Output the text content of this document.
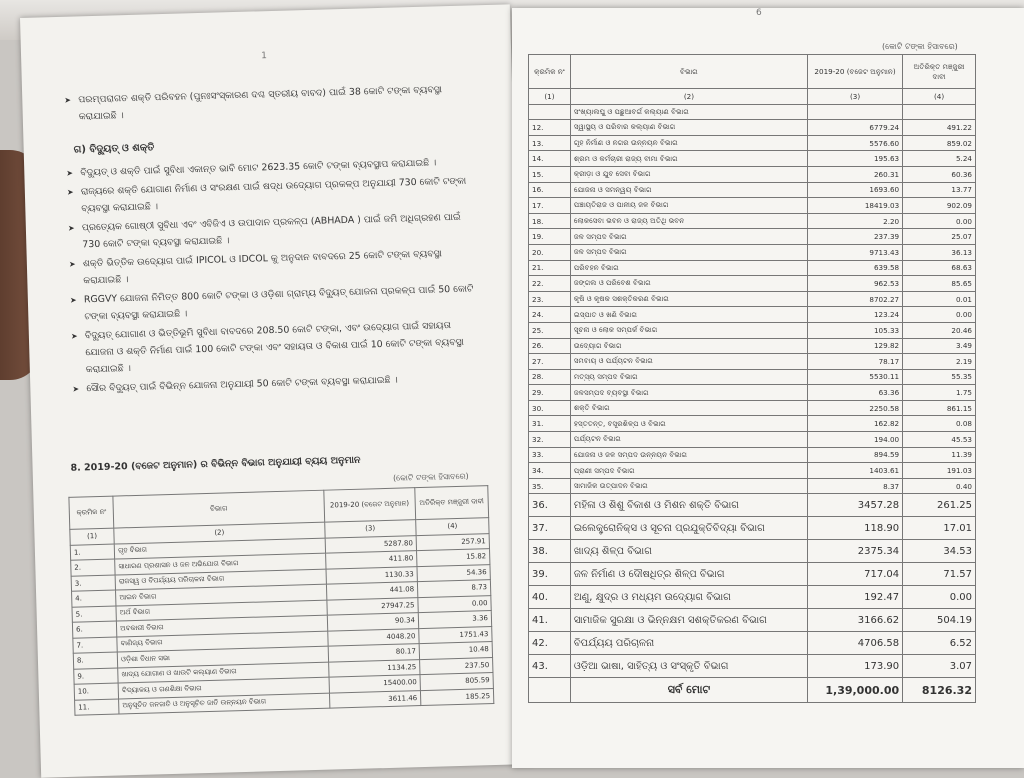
1

➤ ପରମ୍ପରାଗତ ଶକ୍ତି ପରିବହନ (ପୁନଃସଂସ୍କାରଣ ଦଶ୍ଚ ସ୍ତରୀୟ ବାବଦ) ପାଇଁ 38 କୋଟି ଟଙ୍କା ବ୍ୟବସ୍ଥା କରାଯାଇଛି ।

ଗ) ବିଦ୍ୟୁତ୍ ଓ ଶକ୍ତି

➤ ବିଦ୍ୟୁତ୍ ଓ ଶକ୍ତି ପାଇଁ ସୁବିଧା ଏକାନ୍ତ ଭାବି ମୋଟ 2623.35 କୋଟି ଟଙ୍କା ବ୍ୟବସ୍ଥାପ କରାଯାଇଛି ।

➤ ରାଜ୍ୟରେ ଶକ୍ତି ଯୋଗାଣ ନିର୍ମାଣ ଓ ସଂରକ୍ଷଣ ପାଇଁ ଷଦ୍ଧ ଉଦ୍ୟୋଗ ପ୍ରକଳ୍ପ ଅନୁଯାୟୀ 730 କୋଟି ଟଙ୍କା ବ୍ୟବସ୍ଥା କରାଯାଇଛି ।

➤ ପ୍ରତ୍ୟେକ ଗୋଷ୍ଠୀ ସୁବିଧା ଏବଂ ଏବିଜିଏ ଓ ଉପାଦାନ ପ୍ରକଳ୍ପ (ABHADA ) ପାଇଁ ଜମି ଅଧିଗ୍ରହଣ ପାଇଁ 730 କୋଟି ଟଙ୍କା ବ୍ୟବସ୍ଥା କରାଯାଇଛି ।

➤ ଶକ୍ତି ଭିତ୍ତିକ ଉଦ୍ୟୋଗ ପାଇଁ IPICOL ଓ IDCOL କୁ ଅନୁଦାନ ବାବଦରେ 25 କୋଟି ଟଙ୍କା ବ୍ୟବସ୍ଥା କରାଯାଇଛି ।

➤ RGGVY ଯୋଜନା ନିମିତ୍ତ 800 କୋଟି ଟଙ୍କା ଓ ଓଡ଼ିଶା ଗ୍ରାମ୍ୟ ବିଦ୍ୟୁତ୍ ଯୋଜନା ପ୍ରକଳ୍ପ ପାଇଁ 50 କୋଟି ଟଙ୍କା ବ୍ୟବସ୍ଥା କରାଯାଇଛି ।

➤ ବିଦ୍ୟୁତ୍ ଯୋଗାଣ ଓ ଭିତ୍ତିଭୂମି ସୁବିଧା ବାବଦରେ 208.50 କୋଟି ଟଙ୍କା, ଏବଂ ଉଦ୍ୟୋଗ ପାଇଁ ସହାୟତା ଯୋଜନା ଓ ଶକ୍ତି ନିର୍ମାଣ ପାଇଁ 100 କୋଟି ଟଙ୍କା ଏବଂ ସହାୟତା ଓ ବିକାଶ ପାଇଁ 10 କୋଟି ଟଙ୍କା ବ୍ୟବସ୍ଥା କରାଯାଇଛି ।

➤ ସୌର ବିଦ୍ୟୁତ୍ ପାଇଁ ବିଭିନ୍ନ ଯୋଜନା ଅନୁଯାୟୀ 50 କୋଟି ଟଙ୍କା ବ୍ୟବସ୍ଥା କରାଯାଇଛି ।

8. 2019-20 (ବଜେଟ ଅନୁମାନ) ର ବିଭିନ୍ନ ବିଭାଗ ଅନୁଯାୟୀ ବ୍ୟୟ ଅନୁମାନ
(କୋଟି ଟଙ୍କା ହିସାବରେ)
କ୍ରମିକ ନଂ	ବିଭାଗ	2019-20 (ବଜେଟ ଅନୁମାନ)	ଅତିରିକ୍ତ ମଞ୍ଜୁରୀ ଦାବୀ
(1)	(2)	(3)	(4)
1.	ଗୃହ ବିଭାଗ	5287.80	257.91
2.	ସାଧାରଣ ପ୍ରଶାସନ ଓ ଜନ ଅଭିଯୋଗ ବିଭାଗ	411.80	15.82
3.	ରାଜସ୍ୱ ଓ ବିପର୍ଯ୍ୟୟ ପରିଚାଳନା ବିଭାଗ	1130.33	54.36
4.	ଆଇନ ବିଭାଗ	441.08	8.73
5.	ଅର୍ଥ ବିଭାଗ	27947.25	0.00
6.	ଅବକାରୀ ବିଭାଗ	90.34	3.36
7.	ବାଣିଜ୍ୟ ବିଭାଗ	4048.20	1751.43
8.	ଓଡ଼ିଶା ବିଧାନ ସଭା	80.17	10.48
9.	ଖାଦ୍ୟ ଯୋଗାଣ ଓ ଖାଉଟି କଲ୍ୟାଣ ବିଭାଗ	1134.25	237.50
10.	ବିଦ୍ୟାଳୟ ଓ ଗଣଶିକ୍ଷା ବିଭାଗ	15400.00	805.59
11.	ଅନୁସୂଚିତ ଜନଜାତି ଓ ଅନୁସୂଚିତ ଜାତି ଉନ୍ନୟନ ବିଭାଗ	3611.46	185.25
6
(କୋଟି ଟଙ୍କା ହିସାବରେ)
କ୍ରମିକ ନଂ	ବିଭାଗ	2019-20 (ବଜେଟ ଅନୁମାନ)	ଅତିରିକ୍ତ ମଞ୍ଜୁରୀ ଦାବୀ
(1)	(2)	(3)	(4)
	ସଂଖ୍ୟାଲଘୁ ଓ ପଛୁଆବର୍ଗ କଲ୍ୟାଣ ବିଭାଗ		
12.	ସ୍ୱାସ୍ଥ୍ୟ ଓ ପରିବାର କଲ୍ୟାଣ ବିଭାଗ	6779.24	491.22
13.	ଗୃହ ନିର୍ମାଣ ଓ ନଗର ଉନ୍ନୟନ ବିଭାଗ	5576.60	859.02
14.	ଶ୍ରମ ଓ କର୍ମଚାରୀ ରାଜ୍ୟ ବୀମା ବିଭାଗ	195.63	5.24
15.	କ୍ରୀଡ଼ା ଓ ଯୁବ ସେବା ବିଭାଗ	260.31	60.36
16.	ଯୋଜନା ଓ ସମନ୍ୱୟ ବିଭାଗ	1693.60	13.77
17.	ପଞ୍ଚାୟତିରାଜ ଓ ପାନୀୟ ଜଳ ବିଭାଗ	18419.03	902.09
18.	ଲୋକସେବା ଭବନ ଓ ରାଜ୍ୟ ଅତିଥି ଭବନ	2.20	0.00
19.	ଜଳ ସମ୍ପଦ ବିଭାଗ	237.39	25.07
20.	ଜଳ ସମ୍ପଦ ବିଭାଗ	9713.43	36.13
21.	ପରିବହନ ବିଭାଗ	639.58	68.63
22.	ଜଙ୍ଗଲ ଓ ପରିବେଶ ବିଭାଗ	962.53	85.65
23.	କୃଷି ଓ କୃଷକ ସଶକ୍ତିକରଣ ବିଭାଗ	8702.27	0.01
24.	ଇସ୍ପାତ ଓ ଖଣି ବିଭାଗ	123.24	0.00
25.	ସୂଚନା ଓ ଲୋକ ସମ୍ପର୍କ ବିଭାଗ	105.33	20.46
26.	ଉଦ୍ୟୋଗ ବିଭାଗ	129.82	3.49
27.	ସମବାୟ ଓ ପର୍ଯ୍ୟଟନ ବିଭାଗ	78.17	2.19
28.	ମତ୍ସ୍ୟ ସମ୍ପଦ ବିଭାଗ	5530.11	55.35
29.	ଜଳସମ୍ପଦ ବ୍ୟବସ୍ଥା ବିଭାଗ	63.36	1.75
30.	ଶକ୍ତି ବିଭାଗ	2250.58	861.15
31.	ହସ୍ତତନ୍ତ, ବସ୍ତ୍ରଶିଳ୍ପ ଓ ବିଭାଗ	162.82	0.08
32.	ପର୍ଯ୍ୟଟନ ବିଭାଗ	194.00	45.53
33.	ଯୋଜନା ଓ ଜଳ ସମ୍ପଦ ଉନ୍ନୟନ ବିଭାଗ	894.59	11.39
34.	ପ୍ରାଣୀ ସମ୍ପଦ ବିଭାଗ	1403.61	191.03
35.	ସାମାଜିକ ଉତ୍ପାଦନ ବିଭାଗ	8.37	0.40
36.	ମହିଳା ଓ ଶିଶୁ ବିକାଶ ଓ ମିଶନ ଶକ୍ତି ବିଭାଗ	3457.28	261.25
37.	ଇଲେକ୍ଟ୍ରୋନିକ୍ସ ଓ ସୂଚନା ପ୍ରଯୁକ୍ତିବିଦ୍ୟା ବିଭାଗ	118.90	17.01
38.	ଖାଦ୍ୟ ଶିଳ୍ପ ବିଭାଗ	2375.34	34.53
39.	ଜଳ ନିର୍ମାଣ ଓ ଦୌଷଧିତ୍ର ଶିଳ୍ପ ବିଭାଗ	717.04	71.57
40.	ଅଣୁ, କ୍ଷୁଦ୍ର ଓ ମଧ୍ୟମ ଉଦ୍ୟୋଗ ବିଭାଗ	192.47	0.00
41.	ସାମାଜିକ ସୁରକ୍ଷା ଓ ଭିନ୍ନକ୍ଷମ ସଶକ୍ତିକରଣ ବିଭାଗ	3166.62	504.19
42.	ବିପର୍ଯ୍ୟୟ ପରିଚାଳନା	4706.58	6.52
43.	ଓଡ଼ିଆ ଭାଷା, ସାହିତ୍ୟ ଓ ସଂସ୍କୃତି ବିଭାଗ	173.90	3.07
	ସର୍ବ ମୋଟ	1,39,000.00	8126.32
